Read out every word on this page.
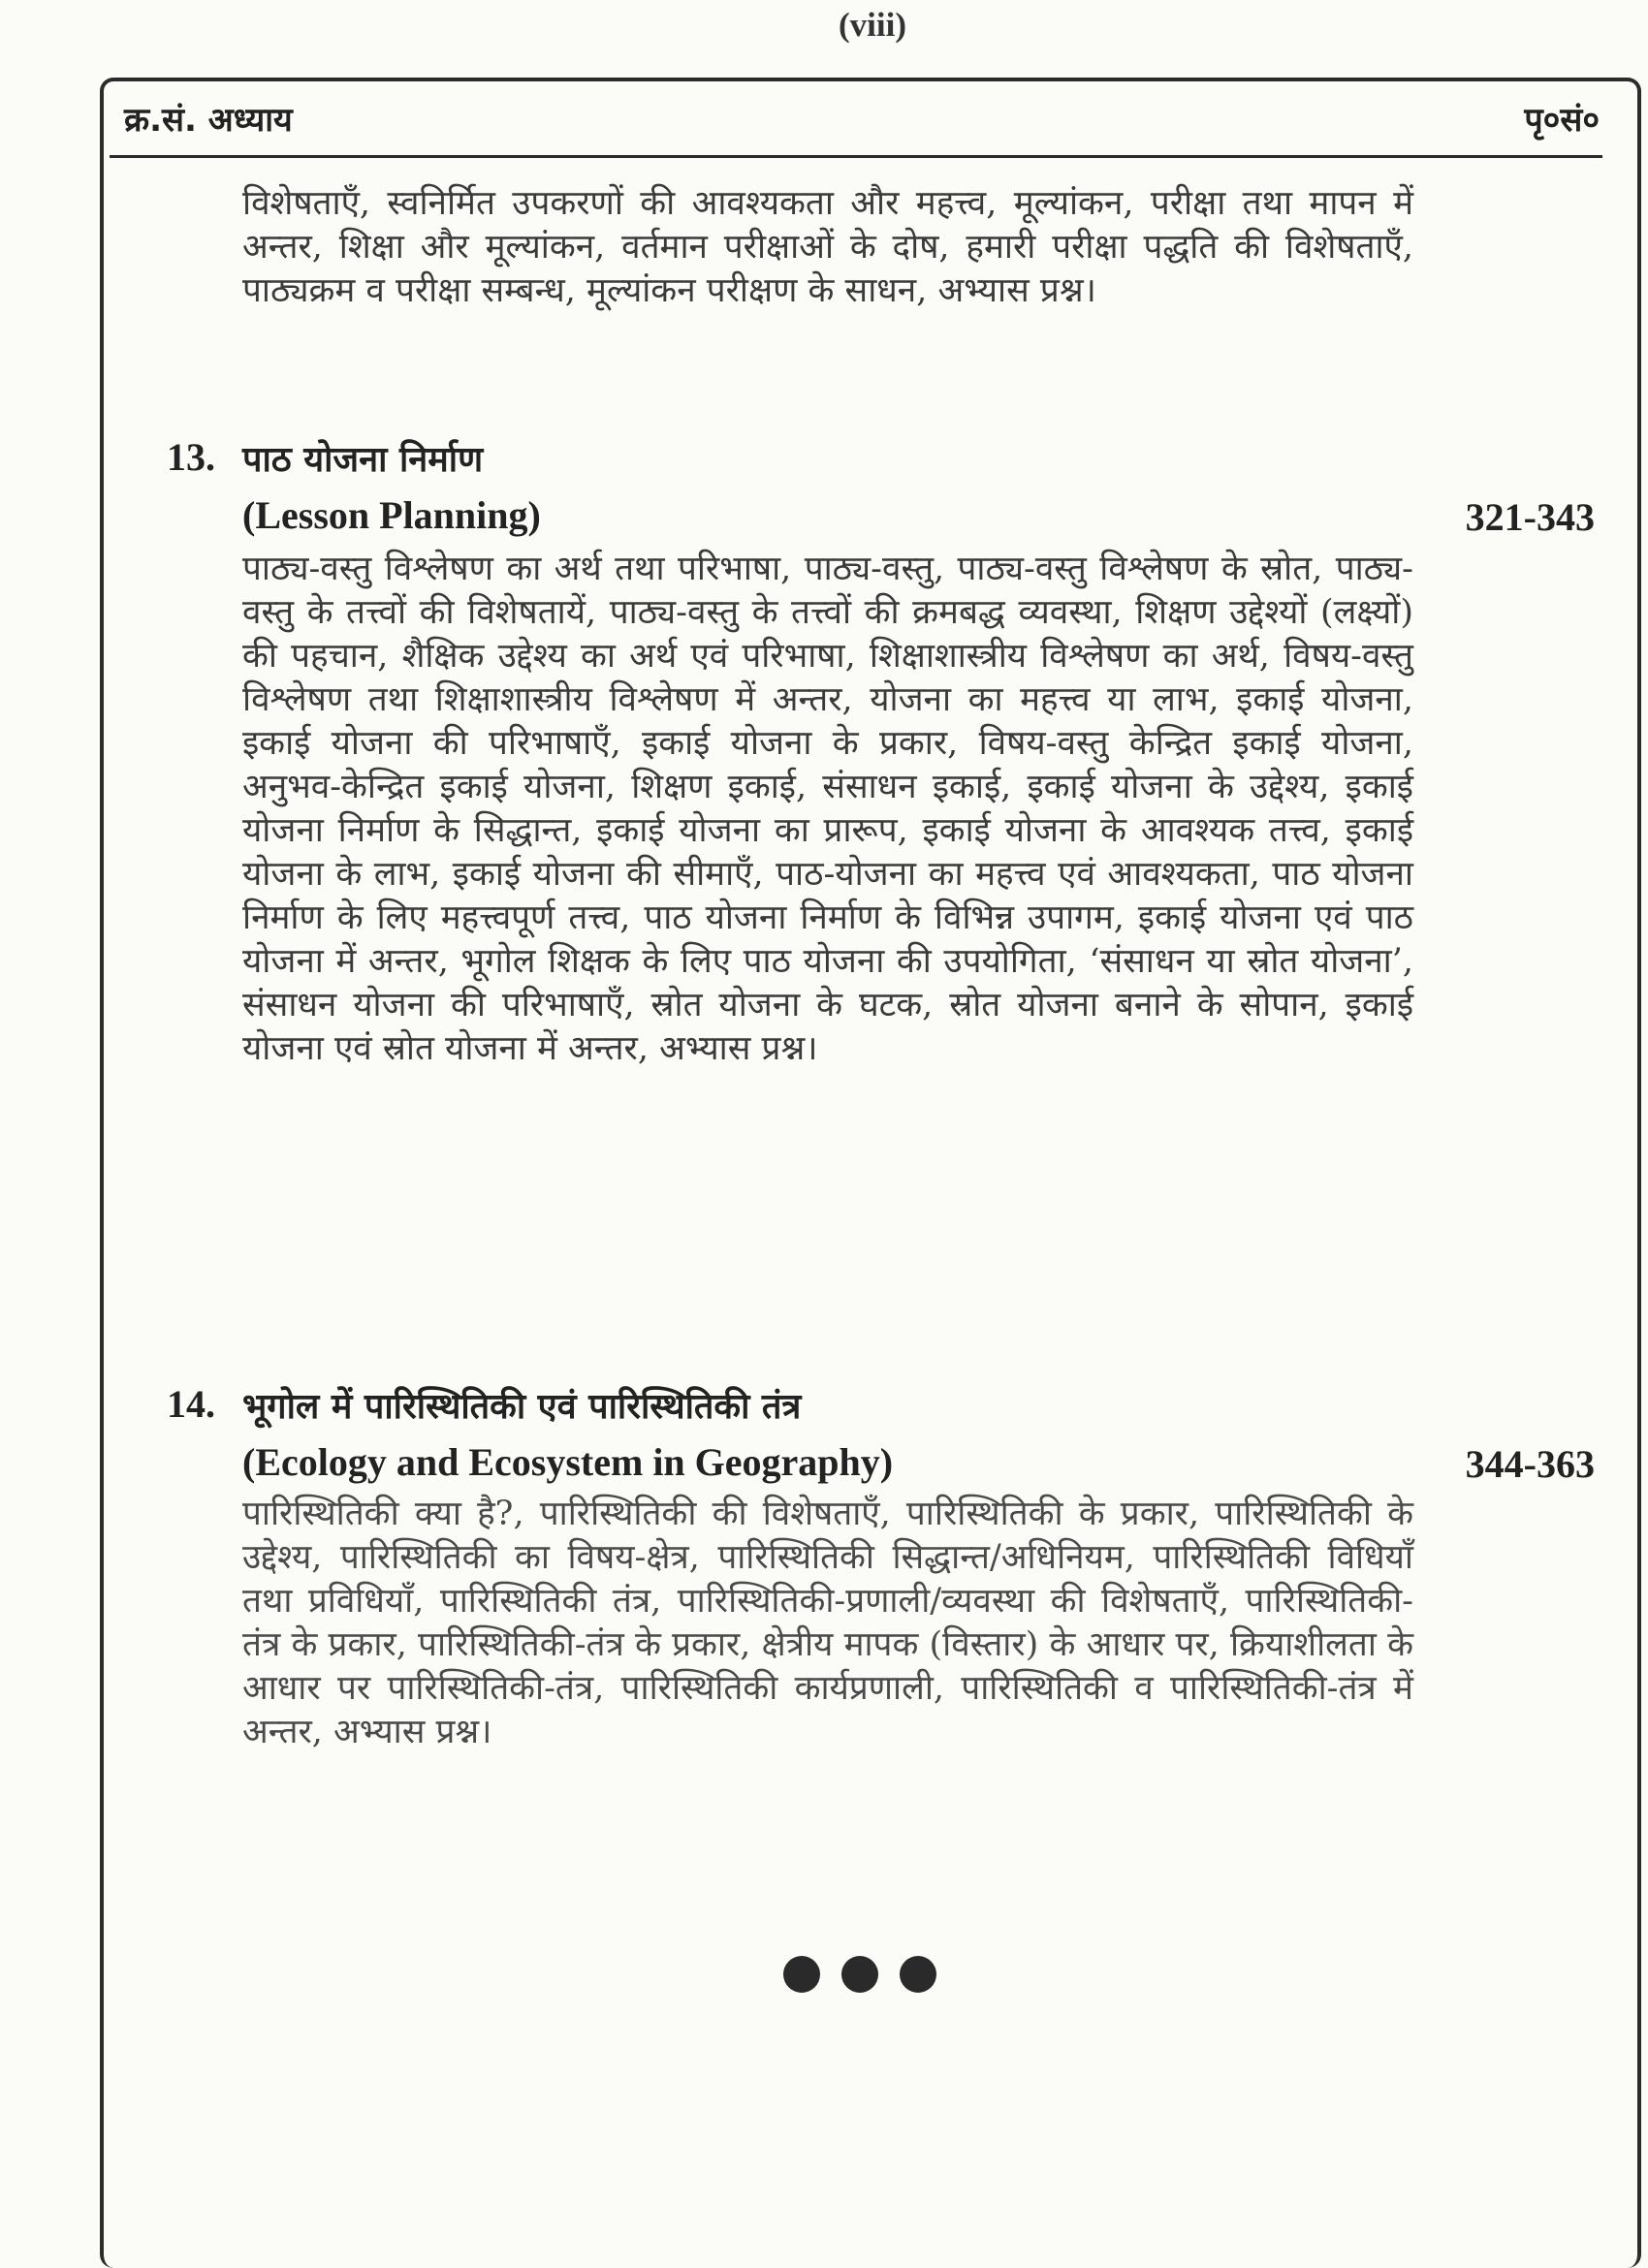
(viii)
क्र.सं. अध्याय	पृ०सं०
विशेषताएँ, स्वनिर्मित उपकरणों की आवश्यकता और महत्त्व, मूल्यांकन, परीक्षा तथा मापन में अन्तर, शिक्षा और मूल्यांकन, वर्तमान परीक्षाओं के दोष, हमारी परीक्षा पद्धति की विशेषताएँ, पाठ्यक्रम व परीक्षा सम्बन्ध, मूल्यांकन परीक्षण के साधन, अभ्यास प्रश्न।
13. पाठ योजना निर्माण
(Lesson Planning)	321-343
पाठ्य-वस्तु विश्लेषण का अर्थ तथा परिभाषा, पाठ्य-वस्तु, पाठ्य-वस्तु विश्लेषण के स्रोत, पाठ्य-वस्तु के तत्त्वों की विशेषतायें, पाठ्य-वस्तु के तत्त्वों की क्रमबद्ध व्यवस्था, शिक्षण उद्देश्यों (लक्ष्यों) की पहचान, शैक्षिक उद्देश्य का अर्थ एवं परिभाषा, शिक्षाशास्त्रीय विश्लेषण का अर्थ, विषय-वस्तु विश्लेषण तथा शिक्षाशास्त्रीय विश्लेषण में अन्तर, योजना का महत्त्व या लाभ, इकाई योजना, इकाई योजना की परिभाषाएँ, इकाई योजना के प्रकार, विषय-वस्तु केन्द्रित इकाई योजना, अनुभव-केन्द्रित इकाई योजना, शिक्षण इकाई, संसाधन इकाई, इकाई योजना के उद्देश्य, इकाई योजना निर्माण के सिद्धान्त, इकाई योजना का प्रारूप, इकाई योजना के आवश्यक तत्त्व, इकाई योजना के लाभ, इकाई योजना की सीमाएँ, पाठ-योजना का महत्त्व एवं आवश्यकता, पाठ योजना निर्माण के लिए महत्त्वपूर्ण तत्त्व, पाठ योजना निर्माण के विभिन्न उपागम, इकाई योजना एवं पाठ योजना में अन्तर, भूगोल शिक्षक के लिए पाठ योजना की उपयोगिता, ‘संसाधन या स्रोत योजना’, संसाधन योजना की परिभाषाएँ, स्रोत योजना के घटक, स्रोत योजना बनाने के सोपान, इकाई योजना एवं स्रोत योजना में अन्तर, अभ्यास प्रश्न।
14. भूगोल में पारिस्थितिकी एवं पारिस्थितिकी तंत्र
(Ecology and Ecosystem in Geography)	344-363
पारिस्थितिकी क्या है?, पारिस्थितिकी की विशेषताएँ, पारिस्थितिकी के प्रकार, पारिस्थितिकी के उद्देश्य, पारिस्थितिकी का विषय-क्षेत्र, पारिस्थितिकी सिद्धान्त/अधिनियम, पारिस्थितिकी विधियाँ तथा प्रविधियाँ, पारिस्थितिकी तंत्र, पारिस्थितिकी-प्रणाली/व्यवस्था की विशेषताएँ, पारिस्थितिकी-तंत्र के प्रकार, पारिस्थितिकी-तंत्र के प्रकार, क्षेत्रीय मापक (विस्तार) के आधार पर, क्रियाशीलता के आधार पर पारिस्थितिकी-तंत्र, पारिस्थितिकी कार्यप्रणाली, पारिस्थितिकी व पारिस्थितिकी-तंत्र में अन्तर, अभ्यास प्रश्न।
